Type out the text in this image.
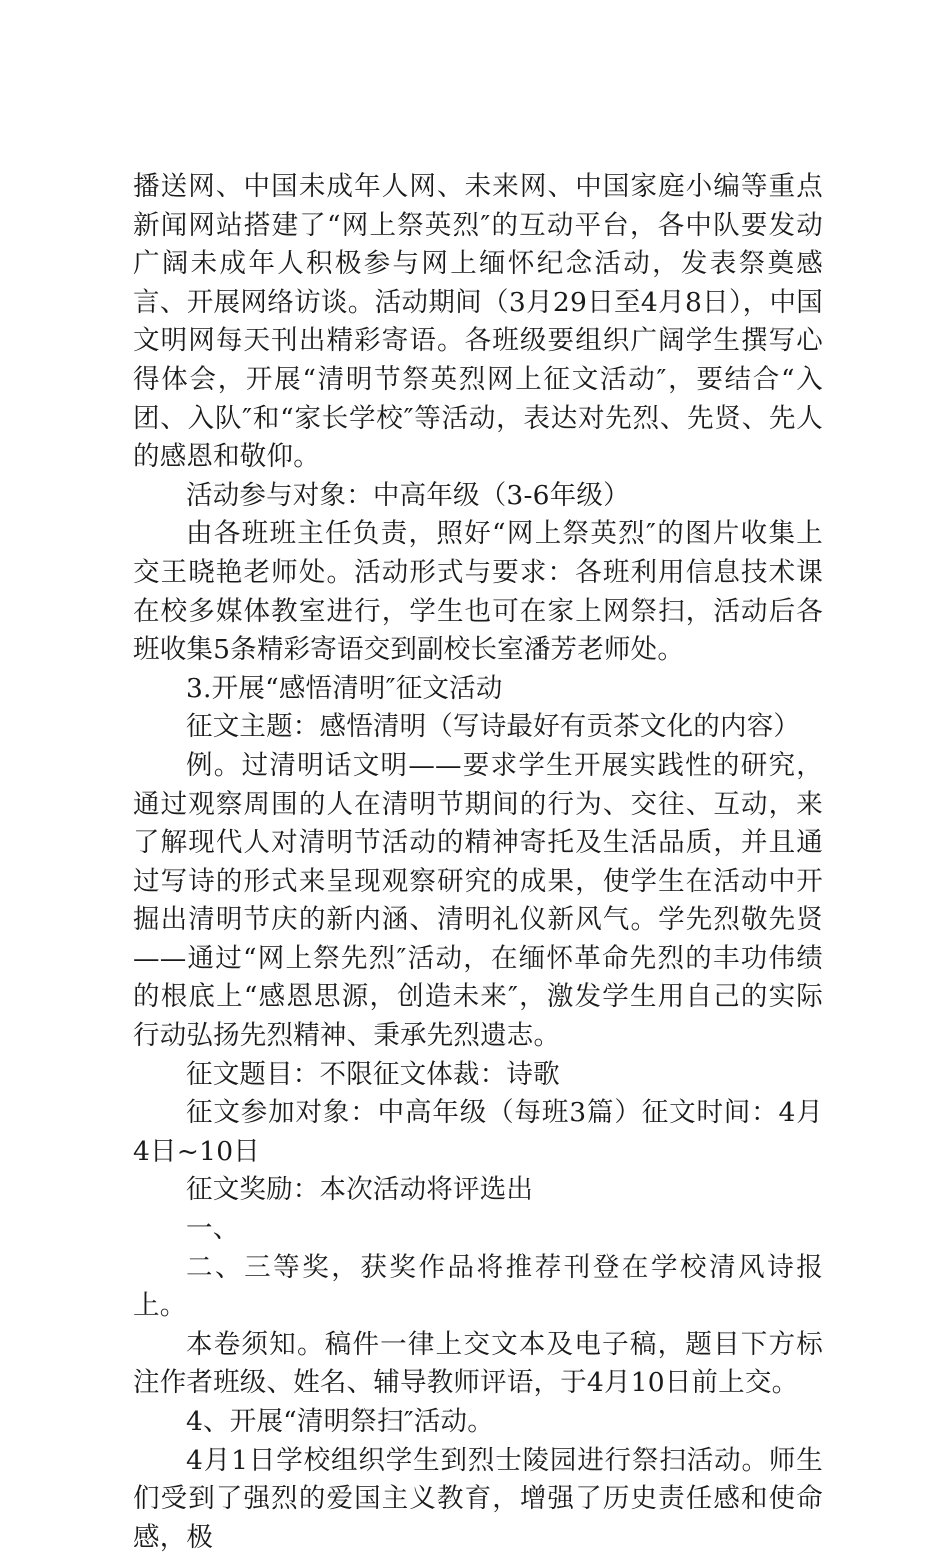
播送网、中国未成年人网、未来网、中国家庭小编等重点新闻网站搭建了“网上祭英烈″的互动平台，各中队要发动广阔未成年人积极参与网上缅怀纪念活动，发表祭奠感言、开展网络访谈。活动期间（3月29日至4月8日），中国文明网每天刊出精彩寄语。各班级要组织广阔学生撰写心得体会，开展“清明节祭英烈网上征文活动″，要结合“入团、入队″和“家长学校″等活动，表达对先烈、先贤、先人的感恩和敬仰。

活动参与对象：中高年级（3-6年级）

由各班班主任负责，照好“网上祭英烈″的图片收集上交王晓艳老师处。活动形式与要求：各班利用信息技术课在校多媒体教室进行，学生也可在家上网祭扫，活动后各班收集5条精彩寄语交到副校长室潘芳老师处。

3.开展“感悟清明″征文活动

征文主题：感悟清明（写诗最好有贡茶文化的内容）

例。过清明话文明——要求学生开展实践性的研究，通过观察周围的人在清明节期间的行为、交往、互动，来了解现代人对清明节活动的精神寄托及生活品质，并且通过写诗的形式来呈现观察研究的成果，使学生在活动中开掘出清明节庆的新内涵、清明礼仪新风气。学先烈敬先贤——通过“网上祭先烈″活动，在缅怀革命先烈的丰功伟绩的根底上“感恩思源，创造未来″，激发学生用自己的实际行动弘扬先烈精神、秉承先烈遗志。

征文题目：不限征文体裁：诗歌

征文参加对象：中高年级（每班3篇）征文时间：4月4日~10日

征文奖励：本次活动将评选出

一、

二、三等奖，获奖作品将推荐刊登在学校清风诗报上。

本卷须知。稿件一律上交文本及电子稿，题目下方标注作者班级、姓名、辅导教师评语，于4月10日前上交。

4、开展“清明祭扫″活动。

4月1日学校组织学生到烈士陵园进行祭扫活动。师生们受到了强烈的爱国主义教育，增强了历史责任感和使命感，极
